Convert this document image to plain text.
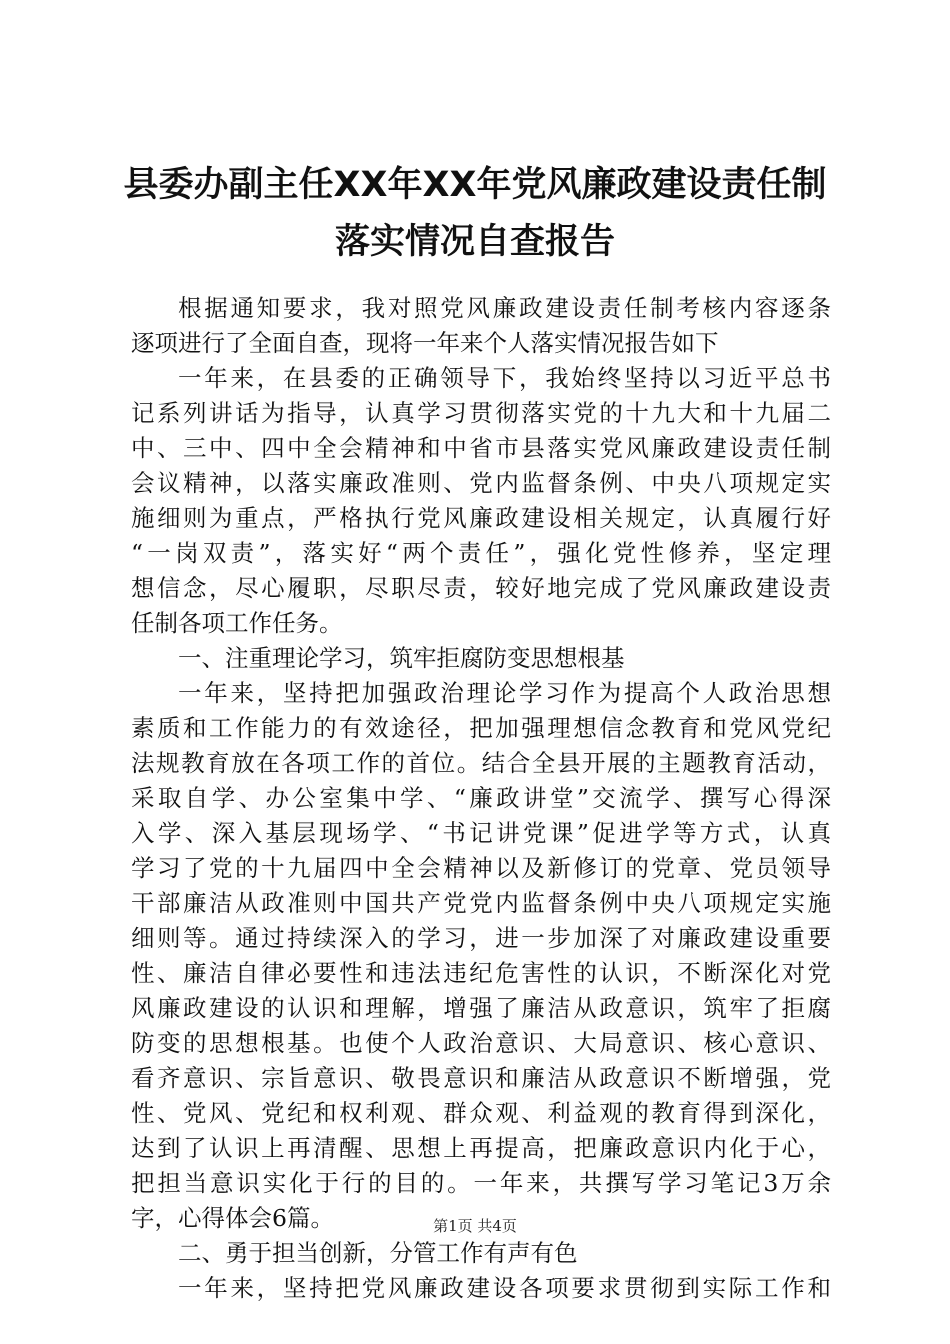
县委办副主任XX年XX年党风廉政建设责任制
落实情况自查报告
根据通知要求，我对照党风廉政建设责任制考核内容逐条
逐项进行了全面自查，现将一年来个人落实情况报告如下
一年来，在县委的正确领导下，我始终坚持以习近平总书
记系列讲话为指导，认真学习贯彻落实党的十九大和十九届二
中、三中、四中全会精神和中省市县落实党风廉政建设责任制
会议精神，以落实廉政准则、党内监督条例、中央八项规定实
施细则为重点，严格执行党风廉政建设相关规定，认真履行好
“一岗双责”，落实好“两个责任”，强化党性修养，坚定理
想信念，尽心履职，尽职尽责，较好地完成了党风廉政建设责
任制各项工作任务。
一、注重理论学习，筑牢拒腐防变思想根基
一年来，坚持把加强政治理论学习作为提高个人政治思想
素质和工作能力的有效途径，把加强理想信念教育和党风党纪
法规教育放在各项工作的首位。结合全县开展的主题教育活动，
采取自学、办公室集中学、“廉政讲堂”交流学、撰写心得深
入学、深入基层现场学、“书记讲党课”促进学等方式，认真
学习了党的十九届四中全会精神以及新修订的党章、党员领导
干部廉洁从政准则中国共产党党内监督条例中央八项规定实施
细则等。通过持续深入的学习，进一步加深了对廉政建设重要
性、廉洁自律必要性和违法违纪危害性的认识，不断深化对党
风廉政建设的认识和理解，增强了廉洁从政意识，筑牢了拒腐
防变的思想根基。也使个人政治意识、大局意识、核心意识、
看齐意识、宗旨意识、敬畏意识和廉洁从政意识不断增强，党
性、党风、党纪和权利观、群众观、利益观的教育得到深化，
达到了认识上再清醒、思想上再提高，把廉政意识内化于心，
把担当意识实化于行的目的。一年来，共撰写学习笔记3万余
字，心得体会6篇。
二、勇于担当创新，分管工作有声有色
一年来，坚持把党风廉政建设各项要求贯彻到实际工作和
第1页 共4页
